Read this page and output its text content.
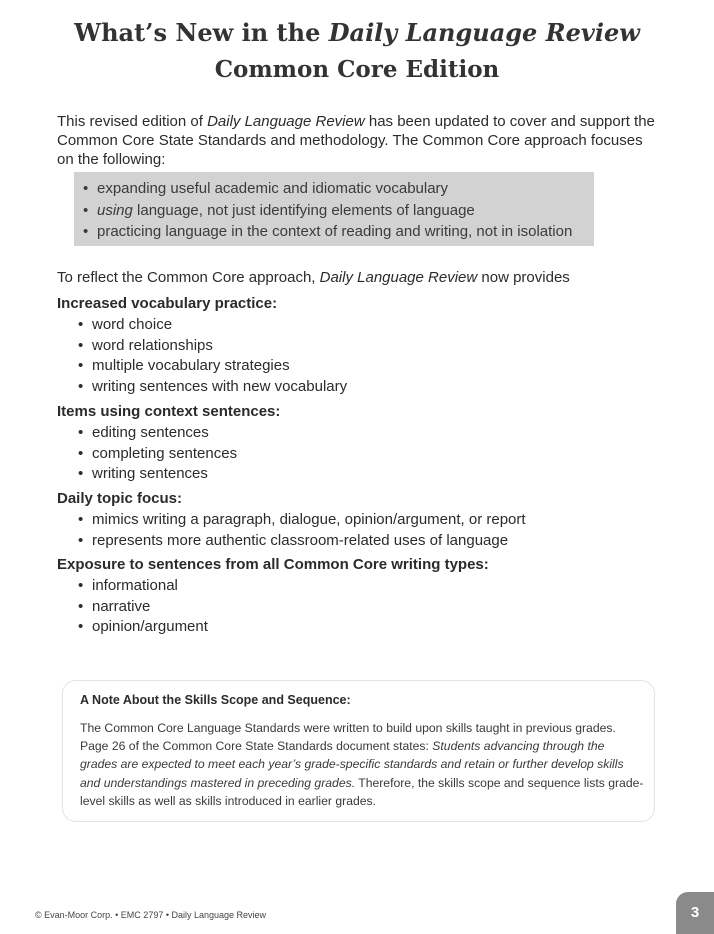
What’s New in the Daily Language Review
Common Core Edition

This revised edition of Daily Language Review has been updated to cover and support the Common Core State Standards and methodology. The Common Core approach focuses on the following:

• expanding useful academic and idiomatic vocabulary
• using language, not just identifying elements of language
• practicing language in the context of reading and writing, not in isolation

To reflect the Common Core approach, Daily Language Review now provides

Increased vocabulary practice:
• word choice
• word relationships
• multiple vocabulary strategies
• writing sentences with new vocabulary
Items using context sentences:
• editing sentences
• completing sentences
• writing sentences
Daily topic focus:
• mimics writing a paragraph, dialogue, opinion/argument, or report
• represents more authentic classroom-related uses of language
Exposure to sentences from all Common Core writing types:
• informational
• narrative
• opinion/argument
A Note About the Skills Scope and Sequence:

The Common Core Language Standards were written to build upon skills taught in previous grades. Page 26 of the Common Core State Standards document states: Students advancing through the grades are expected to meet each year’s grade-specific standards and retain or further develop skills and understandings mastered in preceding grades. Therefore, the skills scope and sequence lists grade-level skills as well as skills introduced in earlier grades.

© Evan-Moor Corp. • EMC 2797 • Daily Language Review	3
